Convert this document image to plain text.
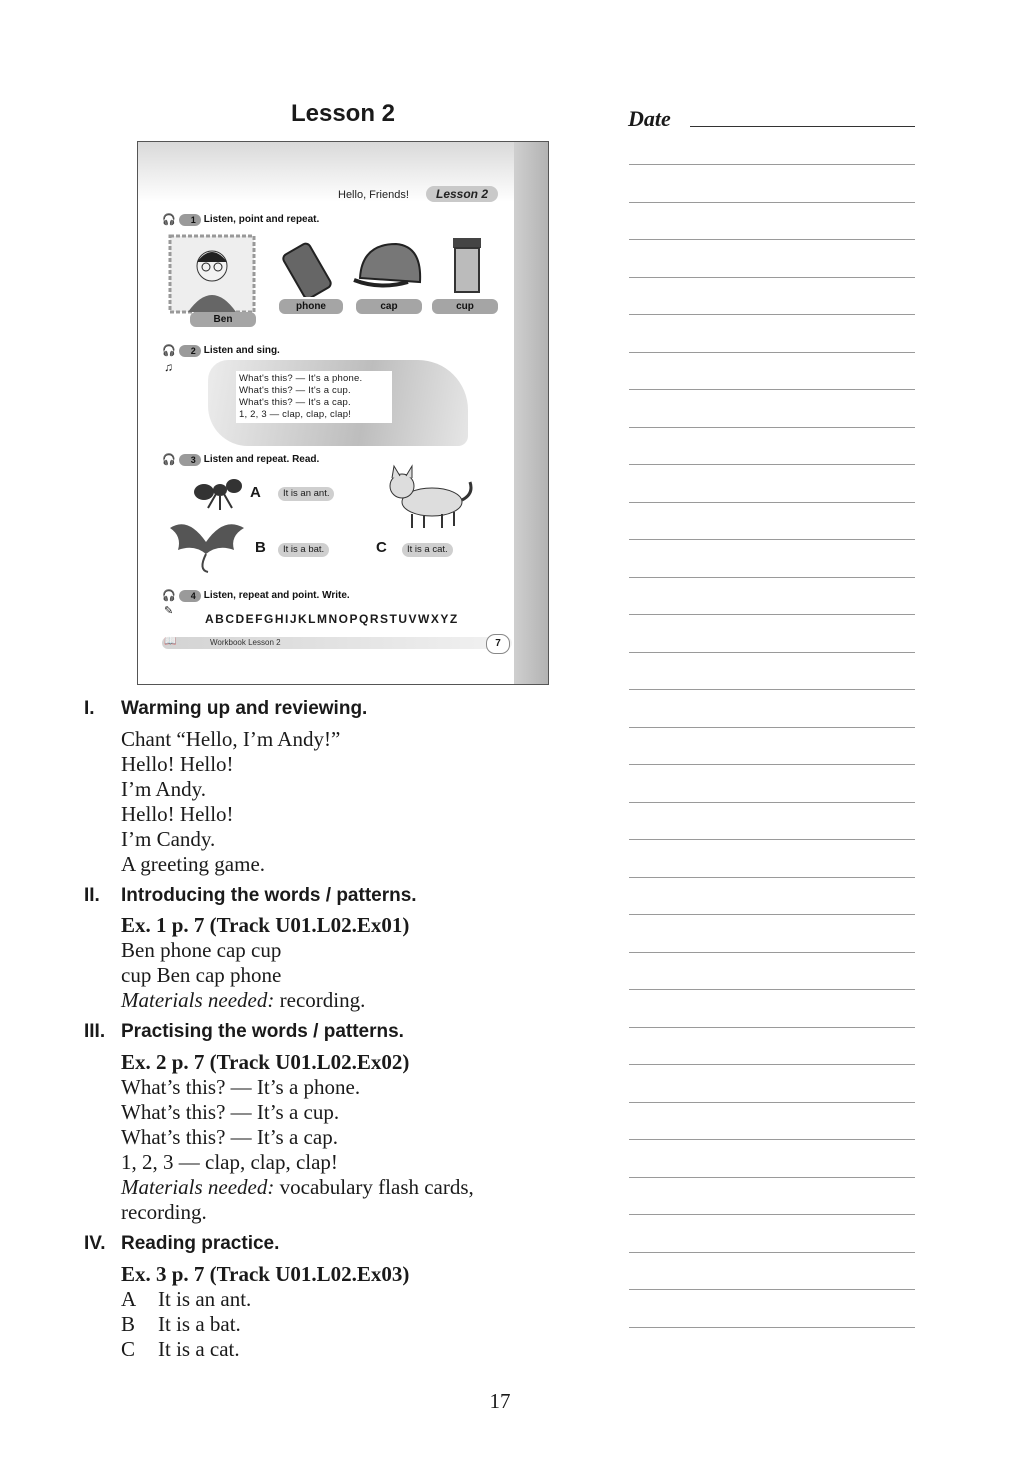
Lesson 2
Hello, Friends!	Lesson 2
🎧	1 Listen, point and repeat.
Ben
phone	cap	cup
🎧	2 Listen and sing.
♫
What's this? — It's a phone.
What's this? — It's a cup.
What's this? — It's a cap.
1, 2, 3 — clap, clap, clap!
🎧	3 Listen and repeat. Read.
A	It is an ant.
B	It is a bat.	C	It is a cat.
🎧	4 Listen, repeat and point. Write.
✎
ABCDEFGHIJKLMNOPQRSTUVWXYZ
Workbook Lesson 2
📖	7
Date
I. Warming up and reviewing.
Chant “Hello, I’m Andy!”
Hello! Hello!
I’m Andy.
Hello! Hello!
I’m Candy.
A greeting game.
II. Introducing the words / patterns.
Ex. 1 p. 7 (Track U01.L02.Ex01)
Ben phone cap cup
cup Ben cap phone
Materials needed: recording.
III. Practising the words / patterns.
Ex. 2 p. 7 (Track U01.L02.Ex02)
What’s this? — It’s a phone.
What’s this? — It’s a cup.
What’s this? — It’s a cap.
1, 2, 3 — clap, clap, clap!
Materials needed: vocabulary flash cards,
recording.
IV. Reading practice.
Ex. 3 p. 7 (Track U01.L02.Ex03)
A It is an ant.
B It is a bat.
C It is a cat.
17
